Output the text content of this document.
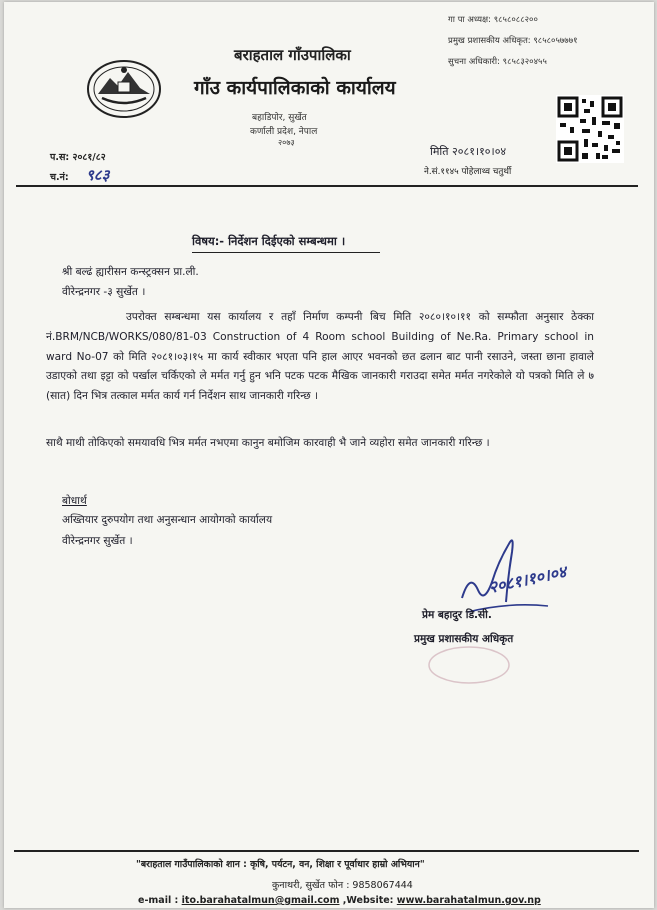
गा पा अध्यक्ष: ९८५८०८८२००
प्रमुख प्रशासकीय अधिकृत: ९८५८०५७७७१
सुचना अधिकारी: ९८५८३२०४५५
बराहताल गाँउपालिका
गाँउ कार्यपालिकाको कार्यालय
बहाडिपोर, सुर्खेत
कर्णाली प्रदेश, नेपाल
२०७३
प.स: २०८१/८२
च.नं: ९८३
मिति २०८१।१०।०४
ने.सं.११४५ पोहेलाथ्व चतुर्थी
विषय:- निर्देशन दिईएको सम्बन्धमा ।
श्री बल्ढं ह्यारीसन कन्स्ट्रक्सन प्रा.ली.
वीरेन्द्रनगर -३ सुर्खेत ।
उपरोक्त सम्बन्धमा यस कार्यालय र तहाँ निर्माण कम्पनी बिच मिति २०८०।१०।११ को सम्फौता अनुसार ठेक्का नं.BRM/NCB/WORKS/080/81-03 Construction of 4 Room school Building of Ne.Ra. Primary school in ward No-07 को मिति २०८१।०३।१५ मा कार्य स्वीकार भएता पनि हाल आएर भवनको छत ढलान बाट पानी रसाउने, जस्ता छाना हावाले उडाएको तथा इट्टा को पर्खाल चर्किएको ले मर्मत गर्नु हुन भनि पटक पटक मैखिक जानकारी गराउदा समेत मर्मत नगरेकोले यो पत्रको मिति ले ७ (सात) दिन भित्र तत्काल मर्मत कार्य गर्न निर्देशन साथ जानकारी गरिन्छ ।
साथै माथी तोकिएको समयावधि भित्र मर्मत नभएमा कानुन बमोजिम कारवाही भै जाने व्यहोरा समेत जानकारी गरिन्छ ।
बोधार्थ
अख्तियार दुरुपयोग तथा अनुसन्धान आयोगको कार्यालय
वीरेन्द्रनगर सुर्खेत ।
२०८१।१०।०४
प्रेम बहादुर डि.सी.
प्रमुख प्रशासकीय अधिकृत
"बराहताल गाउँपालिकाको शान : कृषि, पर्यटन, वन, शिक्षा र पूर्वाधार हाम्रो अभियान"
कुनाथरी, सुर्खेत फोन : 9858067444
e-mail : ito.barahatalmun@gmail.com ,Website: www.barahatalmun.gov.np
